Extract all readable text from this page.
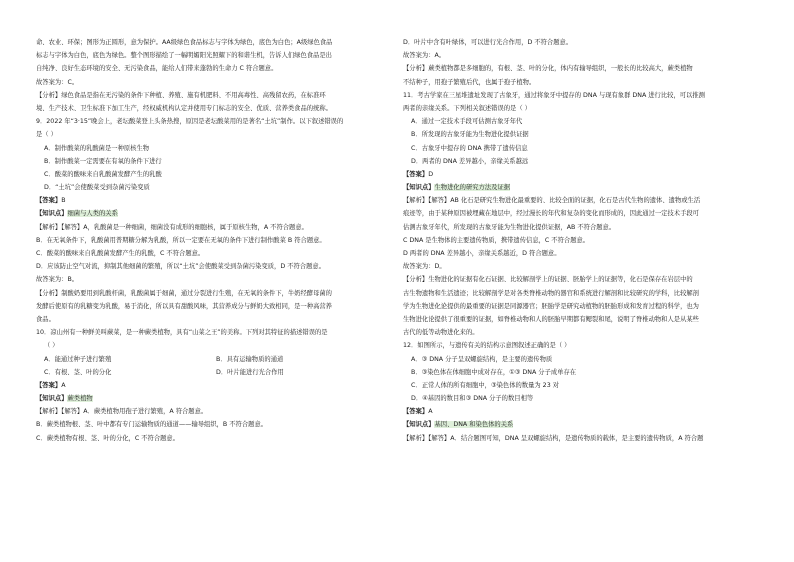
命、农业、环保；图形为正圆形，意为保护。AA级绿色食品标志与字体为绿色，底色为白色；A级绿色食品
标志与字体为白色，底色为绿色。整个图形描绘了一幅明媚阳光照耀下的和谐生机，告诉人们绿色食品是出
自纯净、良好生态环境的安全、无污染食品，能给人们带来蓬勃的生命力 C 符合题意。
故答案为：C。
【分析】绿色食品是指在无污染的条件下种植、养殖、施有机肥料、不用高毒性、高残留农药，在标准环
境、生产技术、卫生标准下加工生产，经权威机构认定并使用专门标志的安全、优质、营养类食品的统称。
9．2022 年“3·15”晚会上，老坛酸菜登上头条热搜，原因是老坛酸菜用的是著名“土坑”制作。以下叙述错误的
是（ ）
A．制作酸菜的乳酸菌是一种原核生物
B．制作酸菜一定需要在有氧的条件下进行
C．酸菜的酸味来自乳酸菌发酵产生的乳酸
D．“土坑”会使酸菜受到杂菌污染变质
【答案】B
【知识点】细菌与人类的关系
【解析】【解答】A，乳酸菌是一种细菌，细菌没有成形的细胞核，属于原核生物，A 不符合题意。
B．在无氧条件下，乳酸菌用普期糖分解为乳酸，所以一定要在无氧的条件下进行制作酸菜 B 符合题意。
C．酸菜的酸味来自乳酸菌发酵产生的乳酸，C 不符合题意。
D．应该防止空气对流，抑制其他细菌的繁殖，所以“土坑”会使酸菜受到杂菌污染变质，D 不符合题意。
故答案为：B。
【分析】制酸奶要用到乳酸杆菌，乳酸菌属于细菌，通过分裂进行生殖，在无氧的条件下，牛奶经酵母菌的
发酵后使原有的乳糖变为乳酸，易于消化，所以具有甜酸风味，其营养成分与鲜奶大致相同，是一种高营养
食品。
10．凉山州有一种鲜美叫蕨菜，是一种蕨类植物，具有“山菜之王”的美称。下列对其特征的描述错误的是
（ ）
A．能通过种子进行繁殖	B．具有运输物质的通道
C．有根、茎、叶的分化	D．叶片能进行光合作用
【答案】A
【知识点】蕨类植物
【解析】【解答】A．蕨类植物用孢子进行繁殖，A 符合题意。
B．蕨类植物根、茎、叶中都有专门运输物质的通道——输导组织，B 不符合题意。
C．蕨类植物有根、茎、叶的分化，C 不符合题意。
D．叶片中含有叶绿体，可以进行光合作用，D 不符合题意。
故答案为：A。
【分析】蕨类植物都是多细胞的，有根、茎、叶的分化，体内有输导组织，一般长的比较高大，蕨类植物
不结种子，用孢子繁殖后代，也属于孢子植物。
11．考古学家在三星堆遗址发现了古象牙，通过将象牙中提存的 DNA 与现有象群 DNA 进行比较，可以推测
两者的亲缘关系。下列相关叙述错误的是（ ）
A．通过一定技术手段可估测古象牙年代
B．所发现的古象牙能为生物进化提供证据
C．古象牙中提存的 DNA 携带了遗传信息
D．两者的 DNA 差异越小，亲缘关系越远
【答案】D
【知识点】生物进化的研究方法及证据
【解析】【解答】AB 化石是研究生物进化最重要的、比较全面的证据，化石是古代生物的遗体、遗物或生活
痕迹等，由于某种原因被埋藏在地层中，经过漫长的年代和复杂的变化而形成的，因此通过一定技术手段可
估测古象牙年代，所发现的古象牙能为生物进化提供证据，AB 不符合题意。
C DNA 是生物体的主要遗传物质，携带遗传信息，C 不符合题意。
D 两者的 DNA 差异越小，亲缘关系越近，D 符合题意。
故答案为：D。
【分析】生物进化的证据有化石证据、比较解剖学上的证据、胚胎学上的证据等，化石是保存在岩层中的
古生物遗物和生活遗迹；比较解剖学是对各类脊椎动物的器官和系统进行解剖和比较研究的学科，比较解剖
学为生物进化论提供的最重要的证据是同源器官；胚胎学是研究动植物的胚胎形成和发育过程的科学，也为
生物进化论提供了很重要的证据，如脊椎动物和人的胚胎早期都有鳃裂和尾，说明了脊椎动物和人是从某些
古代的低等动物进化来的。
12．如图所示，与遗传有关的结构示意图叙述正确的是（ ）
A．③ DNA 分子呈双螺旋结构，是主要的遗传物质
B．③染色体在体细胞中成对存在，①③ DNA 分子成单存在
C．正常人体的所有细胞中，③染色体的数量为 23 对
D．④基因的数目和③ DNA 分子的数目相等
【答案】A
【知识点】基因、DNA 和染色体的关系
【解析】【解答】A．结合题图可知，DNA 呈双螺旋结构，是遗传物质的载体，是主要的遗传物质，A 符合题
